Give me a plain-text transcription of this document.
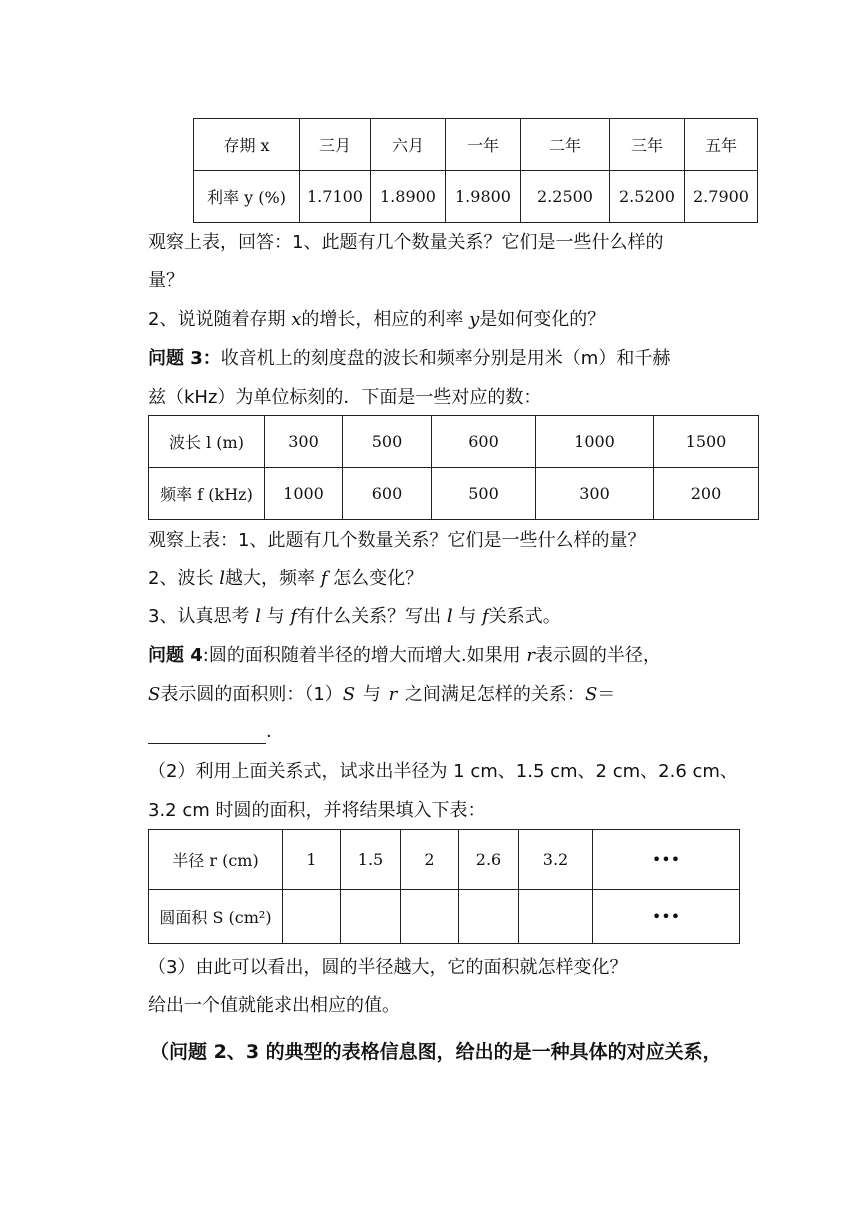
存期 x	三月	六月	一年	二年	三年	五年
利率 y (%)	1.7100	1.8900	1.9800	2.2500	2.5200	2.7900
观察上表，回答：1、此题有几个数量关系？它们是一些什么样的
量？
2、说说随着存期 x的增长，相应的利率 y是如何变化的？
问题 3：收音机上的刻度盘的波长和频率分别是用米（m）和千赫
兹（kHz）为单位标刻的．下面是一些对应的数：
波长 l (m)	300	500	600	1000	1500
频率 f (kHz)	1000	600	500	300	200
观察上表：1、此题有几个数量关系？它们是一些什么样的量？
2、波长 l越大，频率 f 怎么变化？
3、认真思考 l 与 f有什么关系？写出 l 与 f关系式。
问题 4:圆的面积随着半径的增大而增大.如果用 r表示圆的半径，
S表示圆的面积则：（1）S 与 r 之间满足怎样的关系：S＝
.
（2）利用上面关系式，试求出半径为 1 cm、1.5 cm、2 cm、2.6 cm、
3.2 cm 时圆的面积，并将结果填入下表：
半径 r (cm)	1	1.5	2	2.6	3.2	•••
圆面积 S (cm²)						•••
（3）由此可以看出，圆的半径越大，它的面积就怎样变化？
给出一个值就能求出相应的值。
（问题 2、3 的典型的表格信息图，给出的是一种具体的对应关系，
